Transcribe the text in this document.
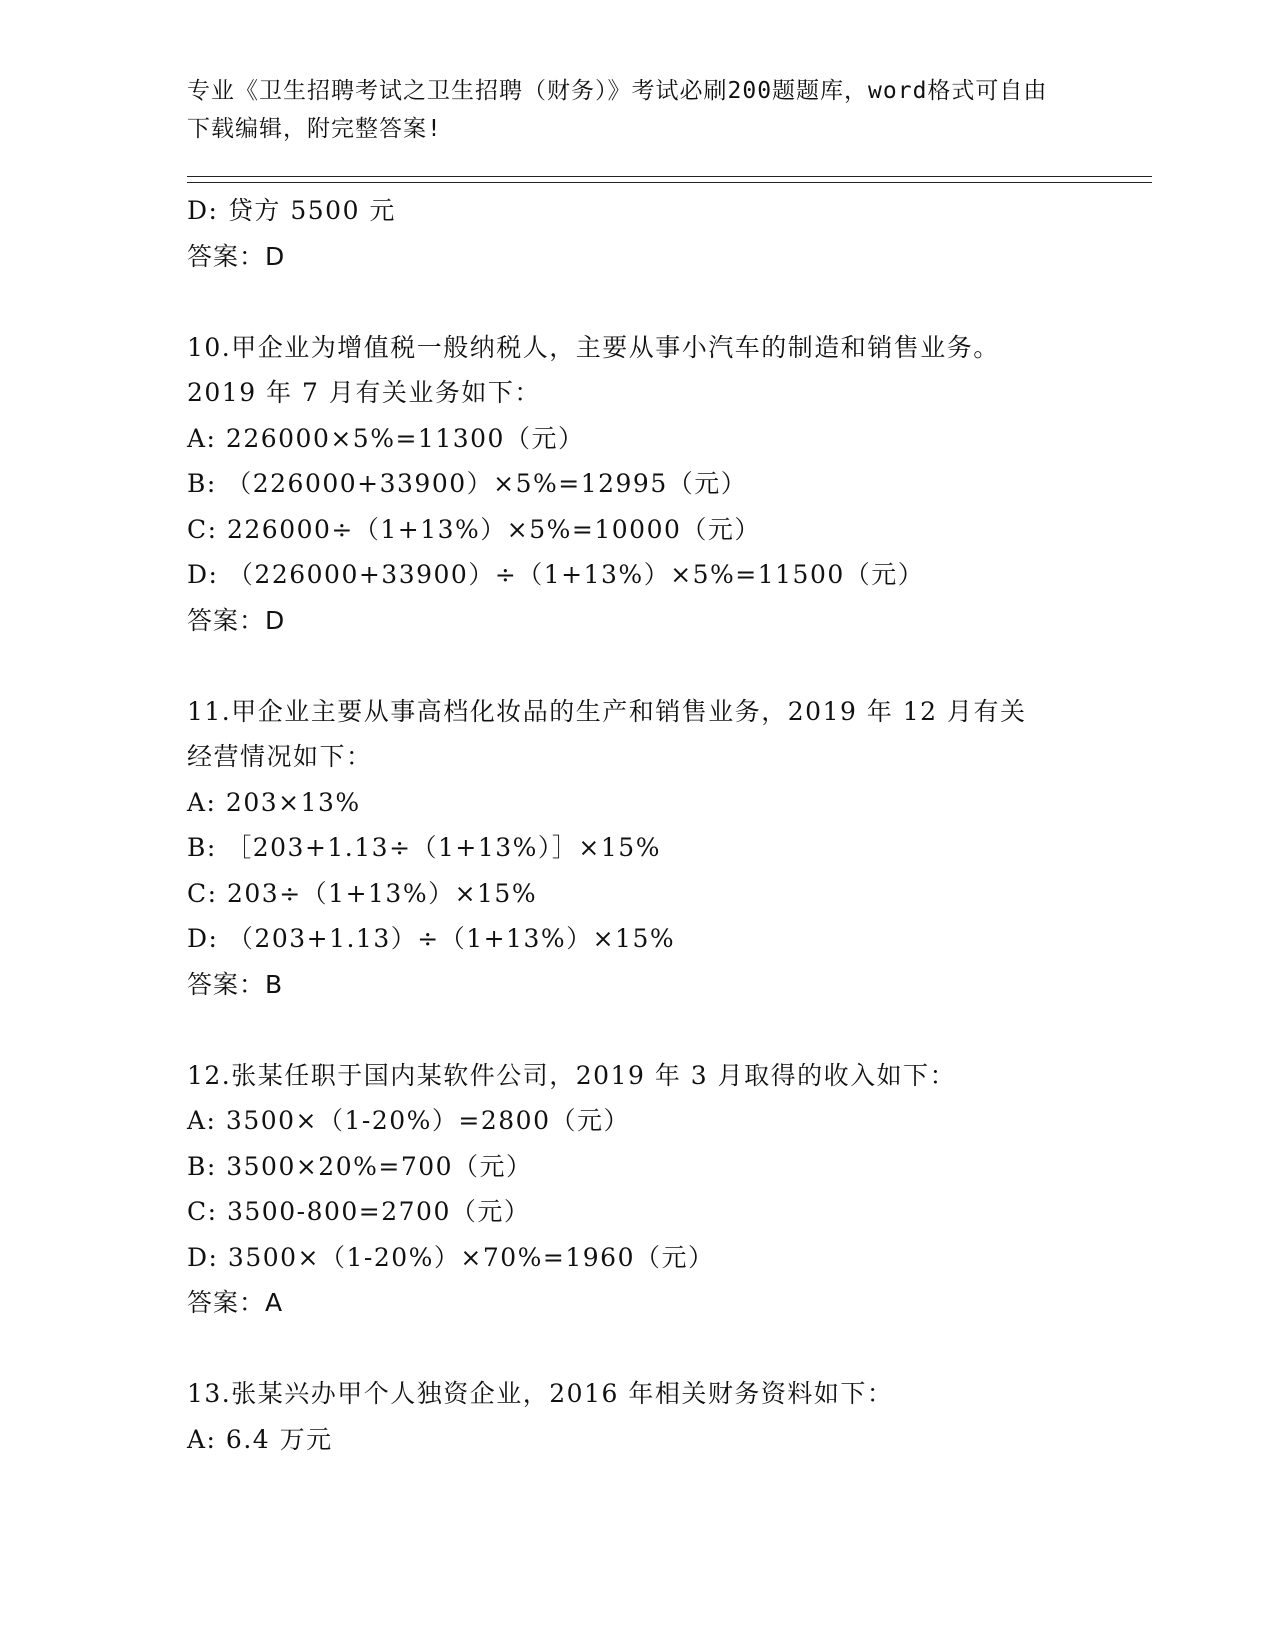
专业《卫生招聘考试之卫生招聘（财务）》考试必刷200题题库，word格式可自由下载编辑，附完整答案!
D: 贷方 5500 元
答案：D
10.甲企业为增值税一般纳税人，主要从事小汽车的制造和销售业务。
2019 年 7 月有关业务如下：
A: 226000×5%=11300（元）
B: （226000+33900）×5%=12995（元）
C: 226000÷（1+13%）×5%=10000（元）
D: （226000+33900）÷（1+13%）×5%=11500（元）
答案：D
11.甲企业主要从事高档化妆品的生产和销售业务，2019 年 12 月有关
经营情况如下：
A: 203×13%
B: ［203+1.13÷（1+13%）］×15%
C: 203÷（1+13%）×15%
D: （203+1.13）÷（1+13%）×15%
答案：B
12.张某任职于国内某软件公司，2019 年 3 月取得的收入如下：
A: 3500×（1-20%）=2800（元）
B: 3500×20%=700（元）
C: 3500-800=2700（元）
D: 3500×（1-20%）×70%=1960（元）
答案：A
13.张某兴办甲个人独资企业，2016 年相关财务资料如下：
A: 6.4 万元
